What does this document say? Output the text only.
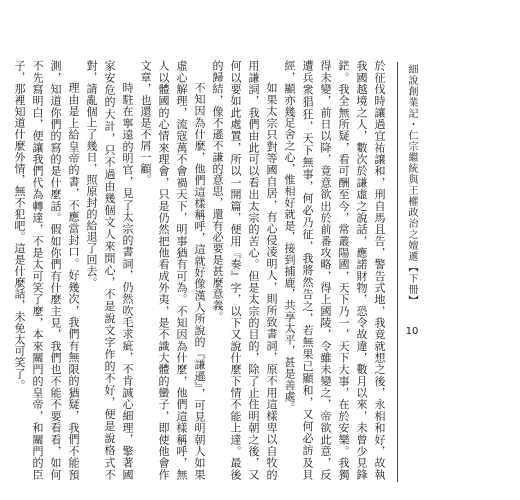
細說創業記・仁宗繼統與王權政治之嬗遞【下冊】
10

於征伐時讓過宜祐譲和，刑自馬且告，警告式地，我竟就想之後，永相和好，故執我國越境之人，數次於謙虛之說話，應諾財物，恐令故違，數月以來，未曾少見鋒鋩。我全無所疑，看可酬至今，常叢陽國，天下乃一，天下大事，在於安樂。我獨得未變，前日以降，竟意欲出於前番攻略，得上國陵，令雖未變之，帝欲此意，反遭兵衆猖狂，天下無事，何必乃征，我將然告之，若無果已顯和，又何必訪及貝經，顯亦幾足舍之心，惟相好就是，接到捕鹿，共享太平，甚是善處。

如果太宗只對等國自居，有心侵凌明人，則所致書詞，原不用這樣卑以自牧的用謙詞，我們由此可以看出太宗的苦心。但是太宗的目的，除了止住明朝之後，又何以要如此處置，所以一開篇，便用『奏』字，以下又說什麼下情不能上達。最後的歸結，像不遜不謙的意思，還有必要是甚麼意義。

不知因為什麼，他們這樣稱呼，這就好像漢人所說的『謙遜』，可見明朝人如果虛心解理，流寇萬不會禍天下，明事猶有可為。不知因為什麼，他們這樣稱呼，無人以體國的心情來理會，只是仍然把他看成外夷，是不識大體的蠻子，即使他會作文章，也還是不屑一顧。

時駐在寧遠的明官，見了太宗的書詞，仍然吹毛求疵，不肯誠心細理，擎著國家安危的大計，只不過由幾個文人來閒心，不是說文字作的不好，便是說格式不對，請亂個上了幾日，照原封的給退了回去。

理由是上給皇帝的書，不應當封口。好幾次，我們有無限的猶疑，我們不能預測，知道你們的寫的是什麼話。假如你們有什麼主見，我們也不能不要看看，如何不先寫明白，便讓我們代為轉達，不是太可笑了麼，本來關門的皇帝，和關門的臣子，那裡知道什麼外情，無不犯吧。這是什麼話，未免太可笑了。
